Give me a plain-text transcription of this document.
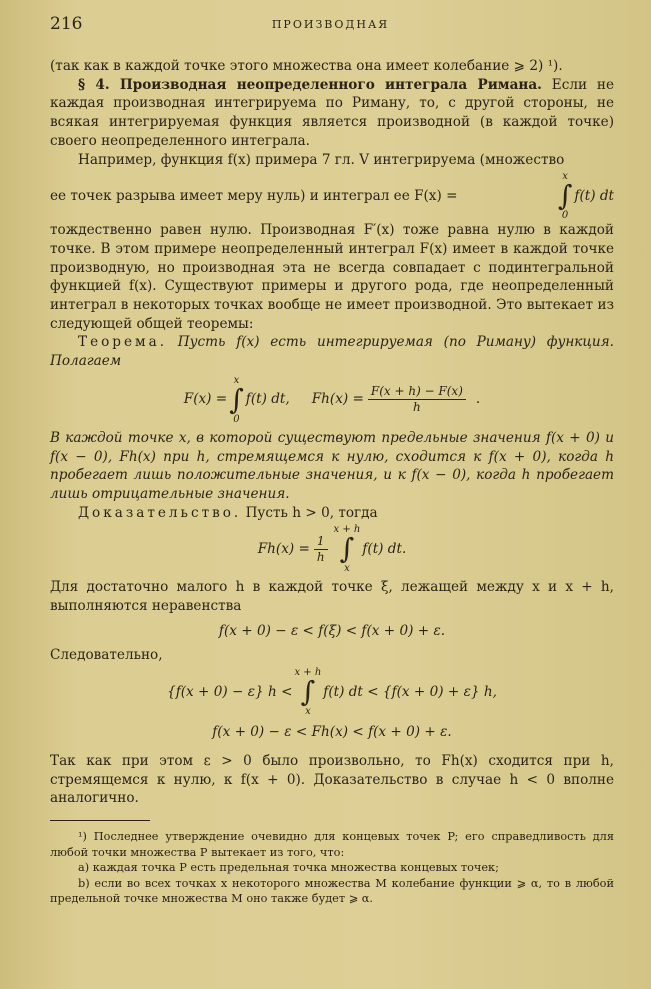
216	ПРОИЗВОДНАЯ

(так как в каждой точке этого множества она имеет колебание ⩾ 2) ¹).

§ 4. Производная неопределенного интеграла Римана. Если не каждая производная интегрируема по Риману, то, с другой стороны, не всякая интегрируемая функция является производной (в каждой точке) своего неопределенного интеграла.

Например, функция f(x) примера 7 гл. V интегрируема (множество

ее точек разрыва имеет меру нуль) и интеграл ее F(x) =
x
∫
0
f(t) dt

тождественно равен нулю. Производная F′(x) тоже равна нулю в каждой точке. В этом примере неопределенный интеграл F(x) имеет в каждой точке производную, но производная эта не всегда совпадает с подинтегральной функцией f(x). Существуют примеры и другого рода, где неопределенный интеграл в некоторых точках вообще не имеет производной. Это вытекает из следующей общей теоремы:

Теорема. Пусть f(x) есть интегрируемая (по Риману) функция. Полагаем

F(x) =
x
∫
0
f(t) dt, $Fh(x) = \frac{F(x + h) - F(x)}{h}$ .

В каждой точке x, в которой существуют предельные значения f(x + 0) и f(x − 0), Fh(x) при h, стремящемся к нулю, сходится к f(x + 0), когда h пробегает лишь положительные значения, и к f(x − 0), когда h пробегает лишь отрицательные значения.

Доказательство. Пусть h > 0, тогда

$Fh(x) = \frac{1}{h}$
x + h
∫
x
f(t) dt.

Для достаточно малого h в каждой точке ξ, лежащей между x и x + h, выполняются неравенства

f(x + 0) − ε < f(ξ) < f(x + 0) + ε.

Следовательно,

{f(x + 0) − ε} h <
x + h
∫
x
f(t) dt < {f(x + 0) + ε} h,
f(x + 0) − ε < Fh(x) < f(x + 0) + ε.

Так как при этом ε > 0 было произвольно, то Fh(x) сходится при h, стремящемся к нулю, к f(x + 0). Доказательство в случае h < 0 вполне аналогично.

¹) Последнее утверждение очевидно для концевых точек P; его справедливость для любой точки множества P вытекает из того, что:

a) каждая точка P есть предельная точка множества концевых точек;

b) если во всех точках x некоторого множества M колебание функции ⩾ α, то в любой предельной точке множества M оно также будет ⩾ α.
